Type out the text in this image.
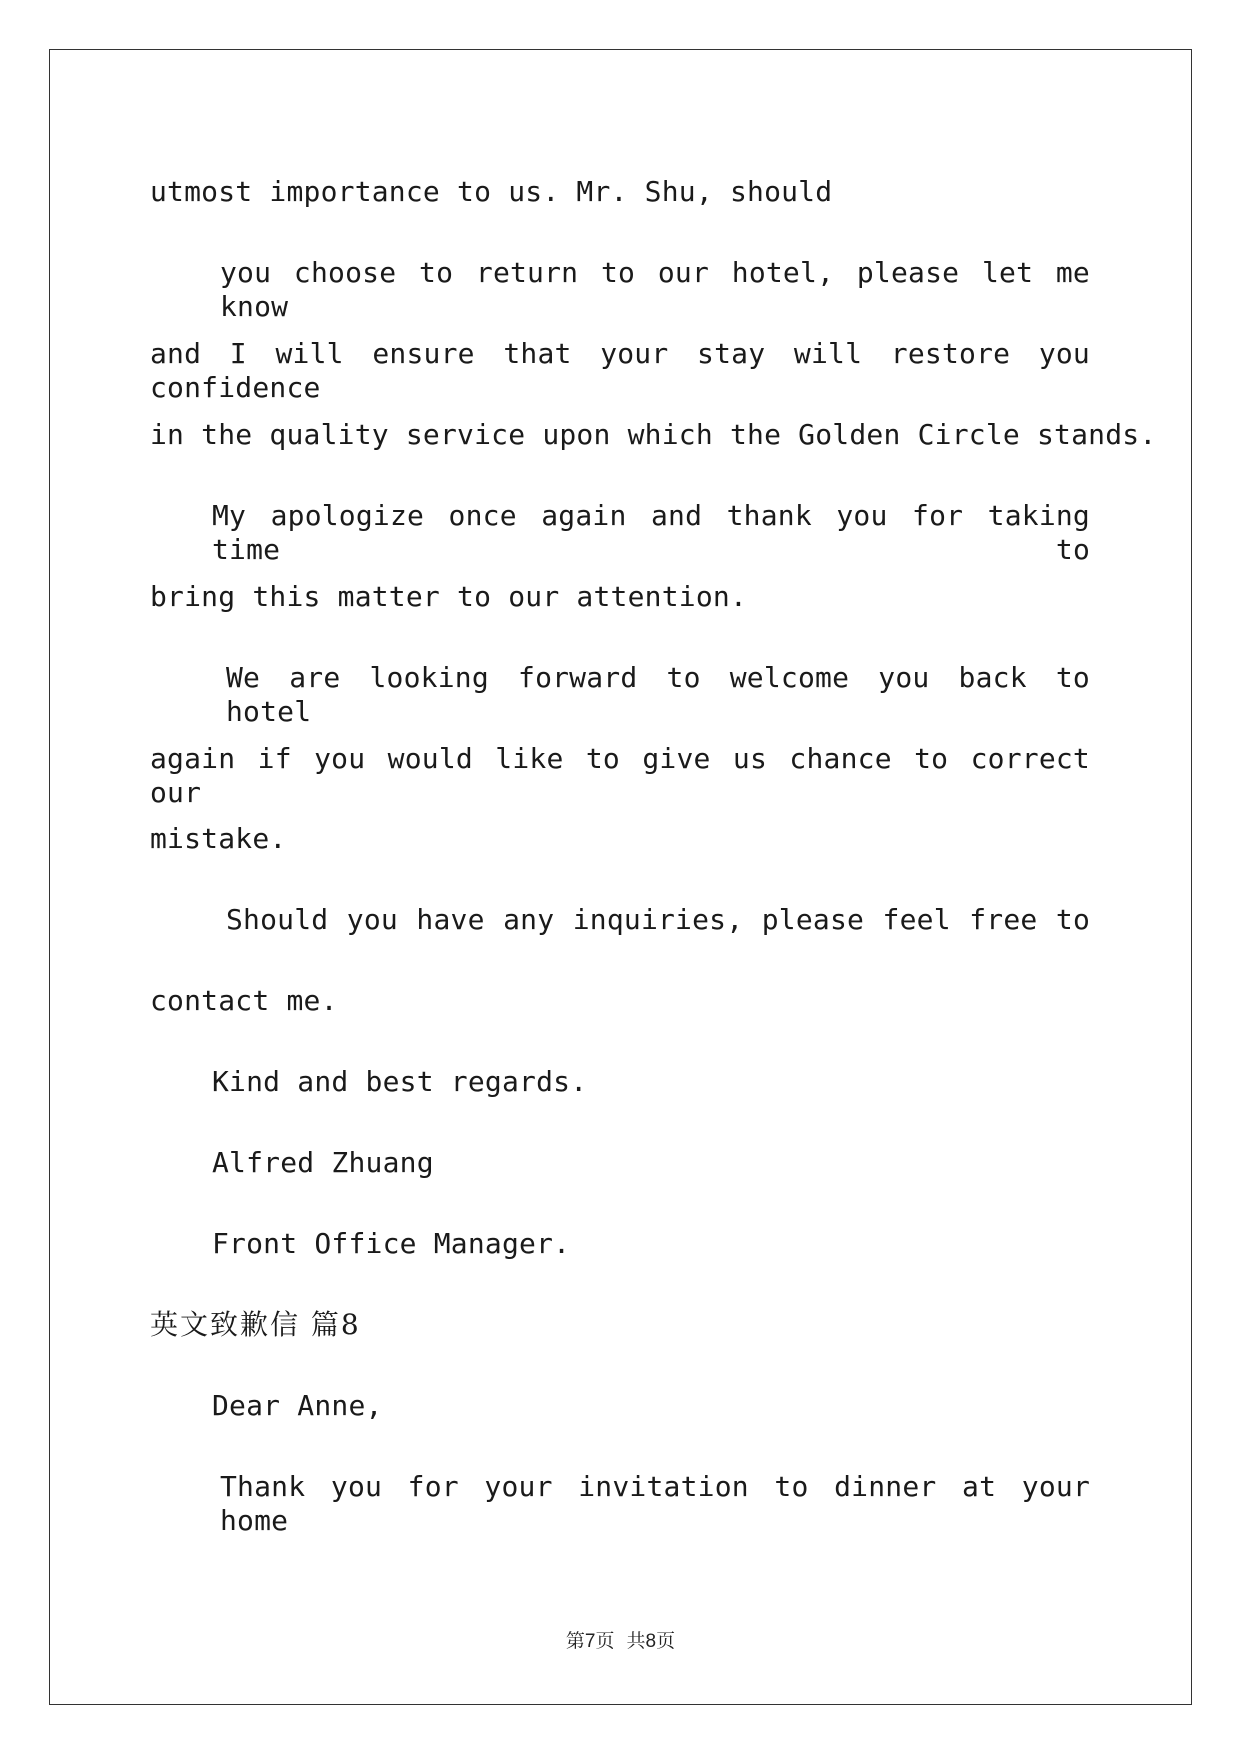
utmost importance to us. Mr. Shu, should
you choose to return to our hotel, please let me know
and I will ensure that your stay will restore you confidence
in the quality service upon which the Golden Circle stands.
My apologize once again and thank you for taking time to
bring this matter to our attention.
We are looking forward to welcome you back to hotel
again if you would like to give us chance to correct our
mistake.
Should you have any inquiries, please feel free to
contact me.
Kind and best regards.
Alfred Zhuang
Front Office Manager.
英文致歉信 篇8
Dear Anne,
Thank you for your invitation to dinner at your home
第7页  共8页
